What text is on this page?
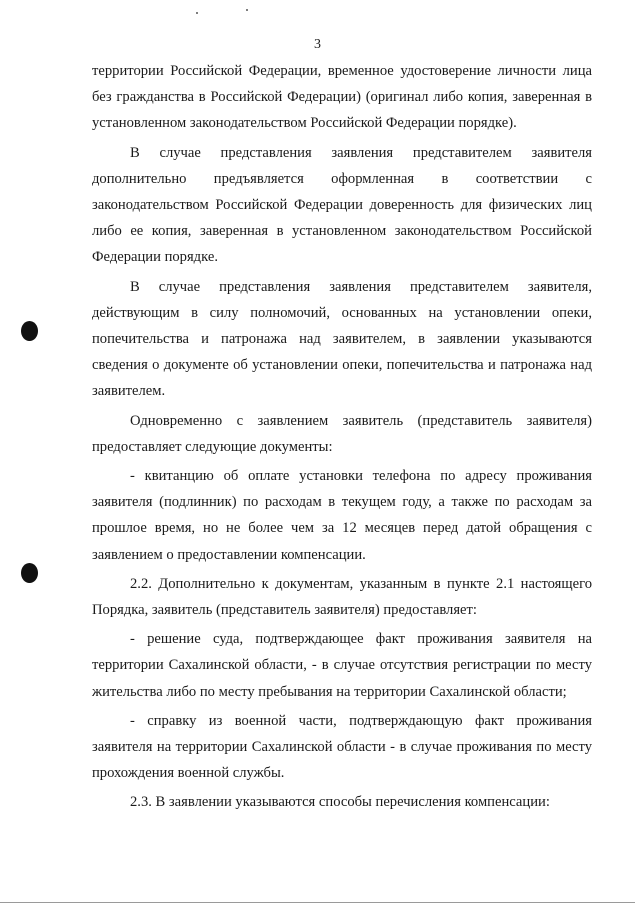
3

территории Российской Федерации, временное удостоверение личности лица без гражданства в Российской Федерации) (оригинал либо копия, заверенная в установленном законодательством Российской Федерации порядке).

В случае представления заявления представителем заявителя дополнительно предъявляется оформленная в соответствии с законодательством Российской Федерации доверенность для физических лиц либо ее копия, заверенная в установленном законодательством Российской Федерации порядке.

В случае представления заявления представителем заявителя, действующим в силу полномочий, основанных на установлении опеки, попечительства и патронажа над заявителем, в заявлении указываются сведения о документе об установлении опеки, попечительства и патронажа над заявителем.

Одновременно с заявлением заявитель (представитель заявителя) предоставляет следующие документы:

- квитанцию об оплате установки телефона по адресу проживания заявителя (подлинник) по расходам в текущем году, а также по расходам за прошлое время, но не более чем за 12 месяцев перед датой обращения с заявлением о предоставлении компенсации.

2.2. Дополнительно к документам, указанным в пункте 2.1 настоящего Порядка, заявитель (представитель заявителя) предоставляет:

- решение суда, подтверждающее факт проживания заявителя на территории Сахалинской области, - в случае отсутствия регистрации по месту жительства либо по месту пребывания на территории Сахалинской области;

- справку из военной части, подтверждающую факт проживания заявителя на территории Сахалинской области - в случае проживания по месту прохождения военной службы.

2.3. В заявлении указываются способы перечисления компенсации:
